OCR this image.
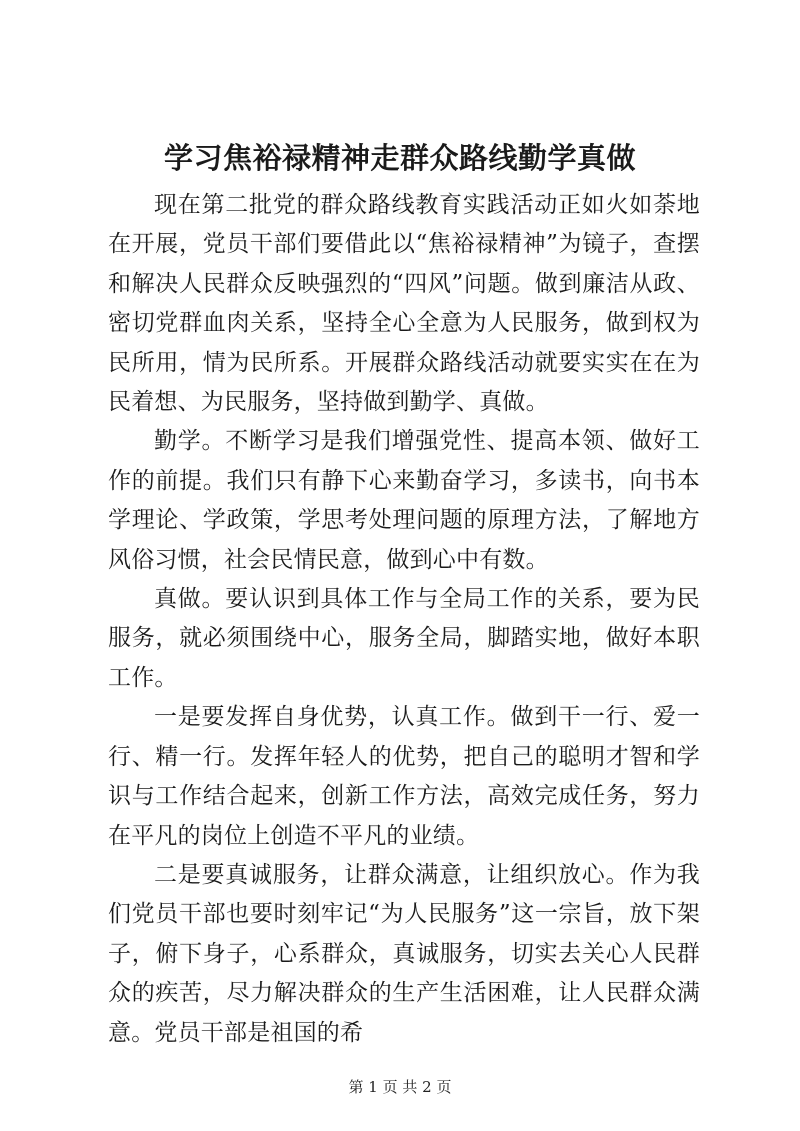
学习焦裕禄精神走群众路线勤学真做

现在第二批党的群众路线教育实践活动正如火如荼地在开展，党员干部们要借此以“焦裕禄精神”为镜子，查摆和解决人民群众反映强烈的“四风”问题。做到廉洁从政、密切党群血肉关系，坚持全心全意为人民服务，做到权为民所用，情为民所系。开展群众路线活动就要实实在在为民着想、为民服务，坚持做到勤学、真做。

勤学。不断学习是我们增强党性、提高本领、做好工作的前提。我们只有静下心来勤奋学习，多读书，向书本学理论、学政策，学思考处理问题的原理方法，了解地方风俗习惯，社会民情民意，做到心中有数。

真做。要认识到具体工作与全局工作的关系，要为民服务，就必须围绕中心，服务全局，脚踏实地，做好本职工作。

一是要发挥自身优势，认真工作。做到干一行、爱一行、精一行。发挥年轻人的优势，把自己的聪明才智和学识与工作结合起来，创新工作方法，高效完成任务，努力在平凡的岗位上创造不平凡的业绩。

二是要真诚服务，让群众满意，让组织放心。作为我们党员干部也要时刻牢记“为人民服务”这一宗旨，放下架子，俯下身子，心系群众，真诚服务，切实去关心人民群众的疾苦，尽力解决群众的生产生活困难，让人民群众满意。党员干部是祖国的希

第 1 页 共 2 页
